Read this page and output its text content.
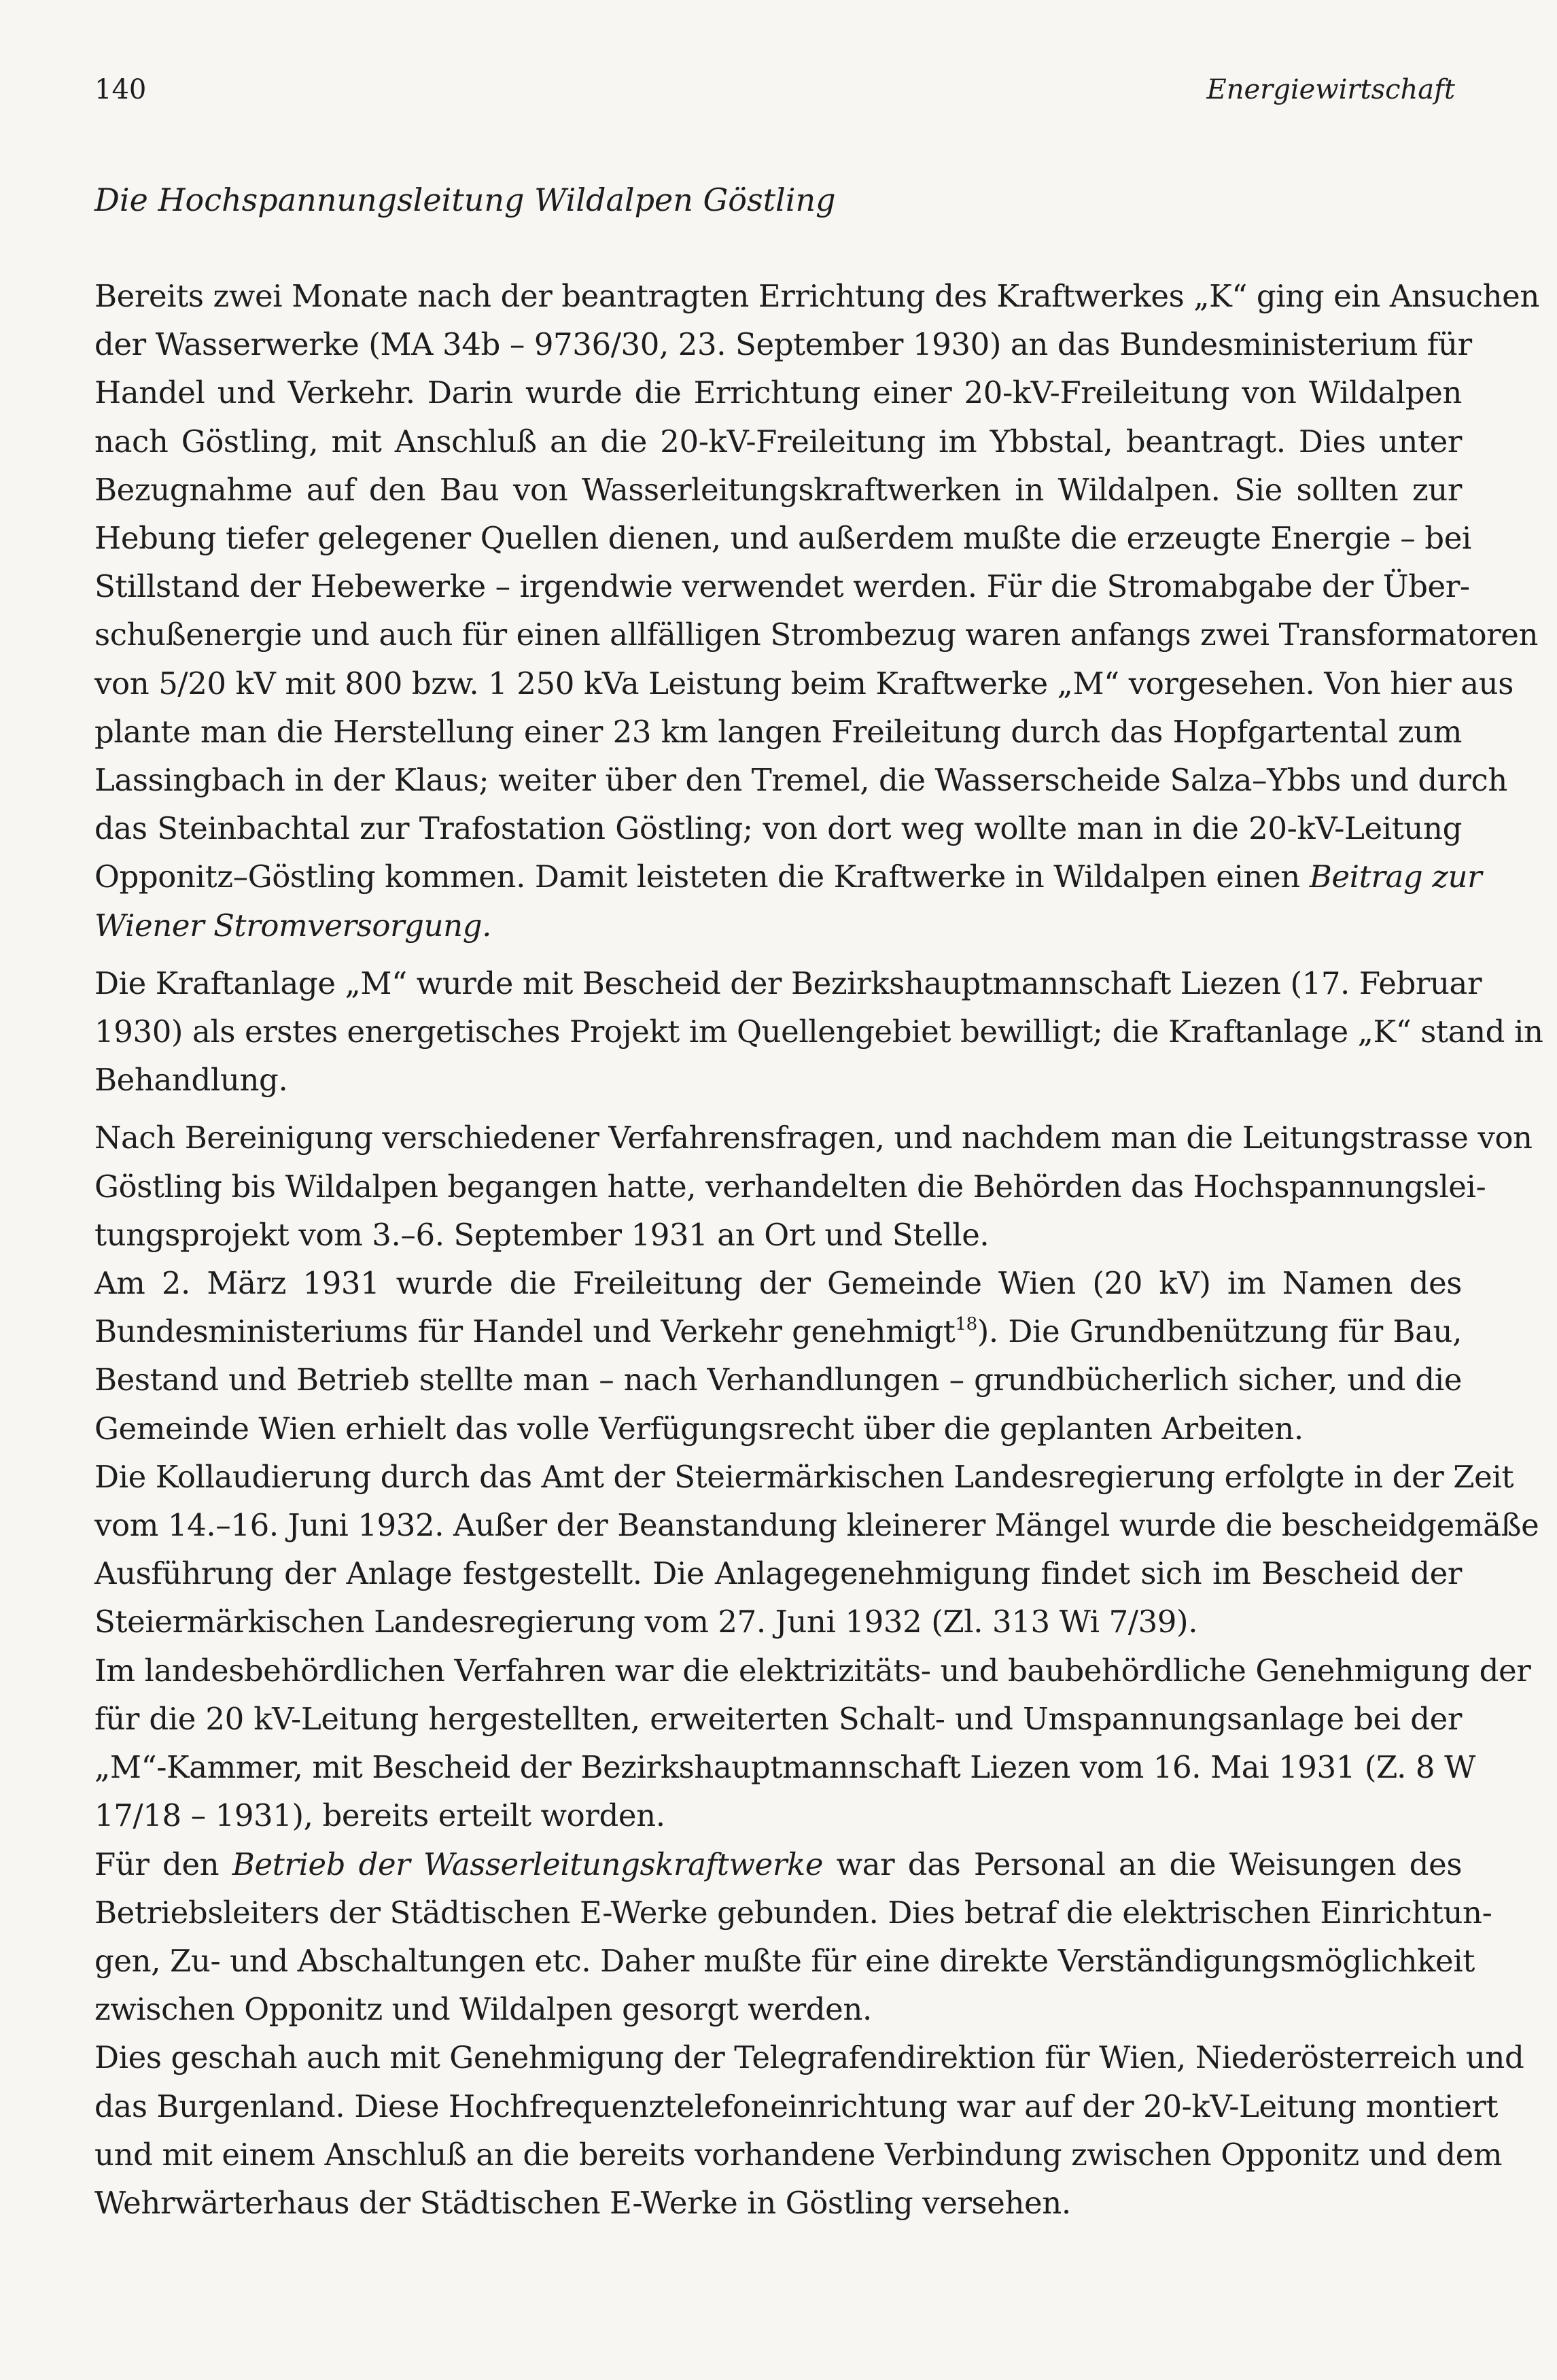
140	Energiewirtschaft
Die Hochspannungsleitung Wildalpen Göstling

Bereits zwei Monate nach der beantragten Errichtung des Kraftwerkes „K“ ging ein Ansuchen
der Wasserwerke (MA 34b – 9736/30, 23. September 1930) an das Bundesministerium für
Handel und Verkehr. Darin wurde die Errichtung einer 20-kV-Freileitung von Wildalpen
nach Göstling, mit Anschluß an die 20-kV-Freileitung im Ybbstal, beantragt. Dies unter
Bezugnahme auf den Bau von Wasserleitungskraftwerken in Wildalpen. Sie sollten zur
Hebung tiefer gelegener Quellen dienen, und außerdem mußte die erzeugte Energie – bei
Stillstand der Hebewerke – irgendwie verwendet werden. Für die Stromabgabe der Über-
schußenergie und auch für einen allfälligen Strombezug waren anfangs zwei Transformatoren
von 5/20 kV mit 800 bzw. 1 250 kVa Leistung beim Kraftwerke „M“ vorgesehen. Von hier aus
plante man die Herstellung einer 23 km langen Freileitung durch das Hopfgartental zum
Lassingbach in der Klaus; weiter über den Tremel, die Wasserscheide Salza–Ybbs und durch
das Steinbachtal zur Trafostation Göstling; von dort weg wollte man in die 20-kV-Leitung
Opponitz–Göstling kommen. Damit leisteten die Kraftwerke in Wildalpen einen Beitrag zur
Wiener Stromversorgung.

Die Kraftanlage „M“ wurde mit Bescheid der Bezirkshauptmannschaft Liezen (17. Februar
1930) als erstes energetisches Projekt im Quellengebiet bewilligt; die Kraftanlage „K“ stand in
Behandlung.

Nach Bereinigung verschiedener Verfahrensfragen, und nachdem man die Leitungstrasse von
Göstling bis Wildalpen begangen hatte, verhandelten die Behörden das Hochspannungslei-
tungsprojekt vom 3.–6. September 1931 an Ort und Stelle.

Am 2. März 1931 wurde die Freileitung der Gemeinde Wien (20 kV) im Namen des
Bundesministeriums für Handel und Verkehr genehmigt$^{18}$). Die Grundbenützung für Bau,
Bestand und Betrieb stellte man – nach Verhandlungen – grundbücherlich sicher, und die
Gemeinde Wien erhielt das volle Verfügungsrecht über die geplanten Arbeiten.

Die Kollaudierung durch das Amt der Steiermärkischen Landesregierung erfolgte in der Zeit
vom 14.–16. Juni 1932. Außer der Beanstandung kleinerer Mängel wurde die bescheidgemäße
Ausführung der Anlage festgestellt. Die Anlagegenehmigung findet sich im Bescheid der
Steiermärkischen Landesregierung vom 27. Juni 1932 (Zl. 313 Wi 7/39).

Im landesbehördlichen Verfahren war die elektrizitäts- und baubehördliche Genehmigung der
für die 20 kV-Leitung hergestellten, erweiterten Schalt- und Umspannungsanlage bei der
„M“-Kammer, mit Bescheid der Bezirkshauptmannschaft Liezen vom 16. Mai 1931 (Z. 8 W
17/18 – 1931), bereits erteilt worden.

Für den Betrieb der Wasserleitungskraftwerke war das Personal an die Weisungen des
Betriebsleiters der Städtischen E-Werke gebunden. Dies betraf die elektrischen Einrichtun-
gen, Zu- und Abschaltungen etc. Daher mußte für eine direkte Verständigungsmöglichkeit
zwischen Opponitz und Wildalpen gesorgt werden.

Dies geschah auch mit Genehmigung der Telegrafendirektion für Wien, Niederösterreich und
das Burgenland. Diese Hochfrequenztelefoneinrichtung war auf der 20-kV-Leitung montiert
und mit einem Anschluß an die bereits vorhandene Verbindung zwischen Opponitz und dem
Wehrwärterhaus der Städtischen E-Werke in Göstling versehen.
